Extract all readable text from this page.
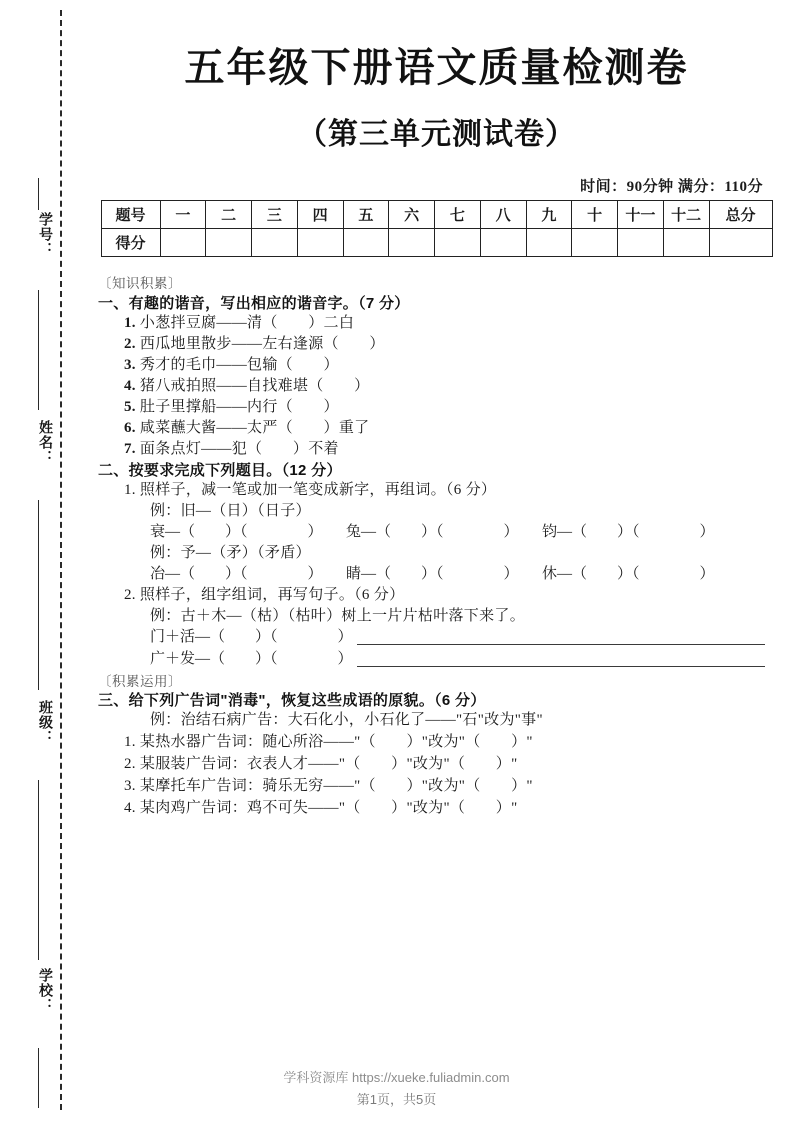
学号：
姓名：
班级：
学校：
五年级下册语文质量检测卷
（第三单元测试卷）
时间：90分钟 满分：110分
题号	一	二	三	四	五	六	七	八	九	十	十一	十二	总分
得分													
〔知识积累〕
一、有趣的谐音，写出相应的谐音字。（7 分）
1. 小葱拌豆腐——清（　　）二白
2. 西瓜地里散步——左右逢源（　　）
3. 秀才的毛巾——包输（　　）
4. 猪八戒拍照——自找难堪（　　）
5. 肚子里撑船——内行（　　）
6. 咸菜蘸大酱——太严（　　）重了
7. 面条点灯——犯（　　）不着
二、按要求完成下列题目。（12 分）
1. 照样子，减一笔或加一笔变成新字，再组词。（6 分）
例：旧—（日）（日子）
衰—（　　）（　　　　）	兔—（　　）（　　　　）	钧—（　　）（　　　　）
例：予—（矛）（矛盾）
冶—（　　）（　　　　）	睛—（　　）（　　　　）	休—（　　）（　　　　）
2. 照样子，组字组词，再写句子。（6 分）
例：古＋木—（枯）（枯叶）树上一片片枯叶落下来了。
门＋活—（　　）（　　　　）
广＋发—（　　）（　　　　）
〔积累运用〕
三、给下列广告词"消毒"，恢复这些成语的原貌。（6 分）
例：治结石病广告：大石化小，小石化了——"石"改为"事"
1. 某热水器广告词：随心所浴——"（　　）"改为"（　　）"
2. 某服装广告词：衣表人才——"（　　）"改为"（　　）"
3. 某摩托车广告词：骑乐无穷——"（　　）"改为"（　　）"
4. 某肉鸡广告词：鸡不可失——"（　　）"改为"（　　）"
学科资源库 https://xueke.fuliadmin.com
第1页，共5页
